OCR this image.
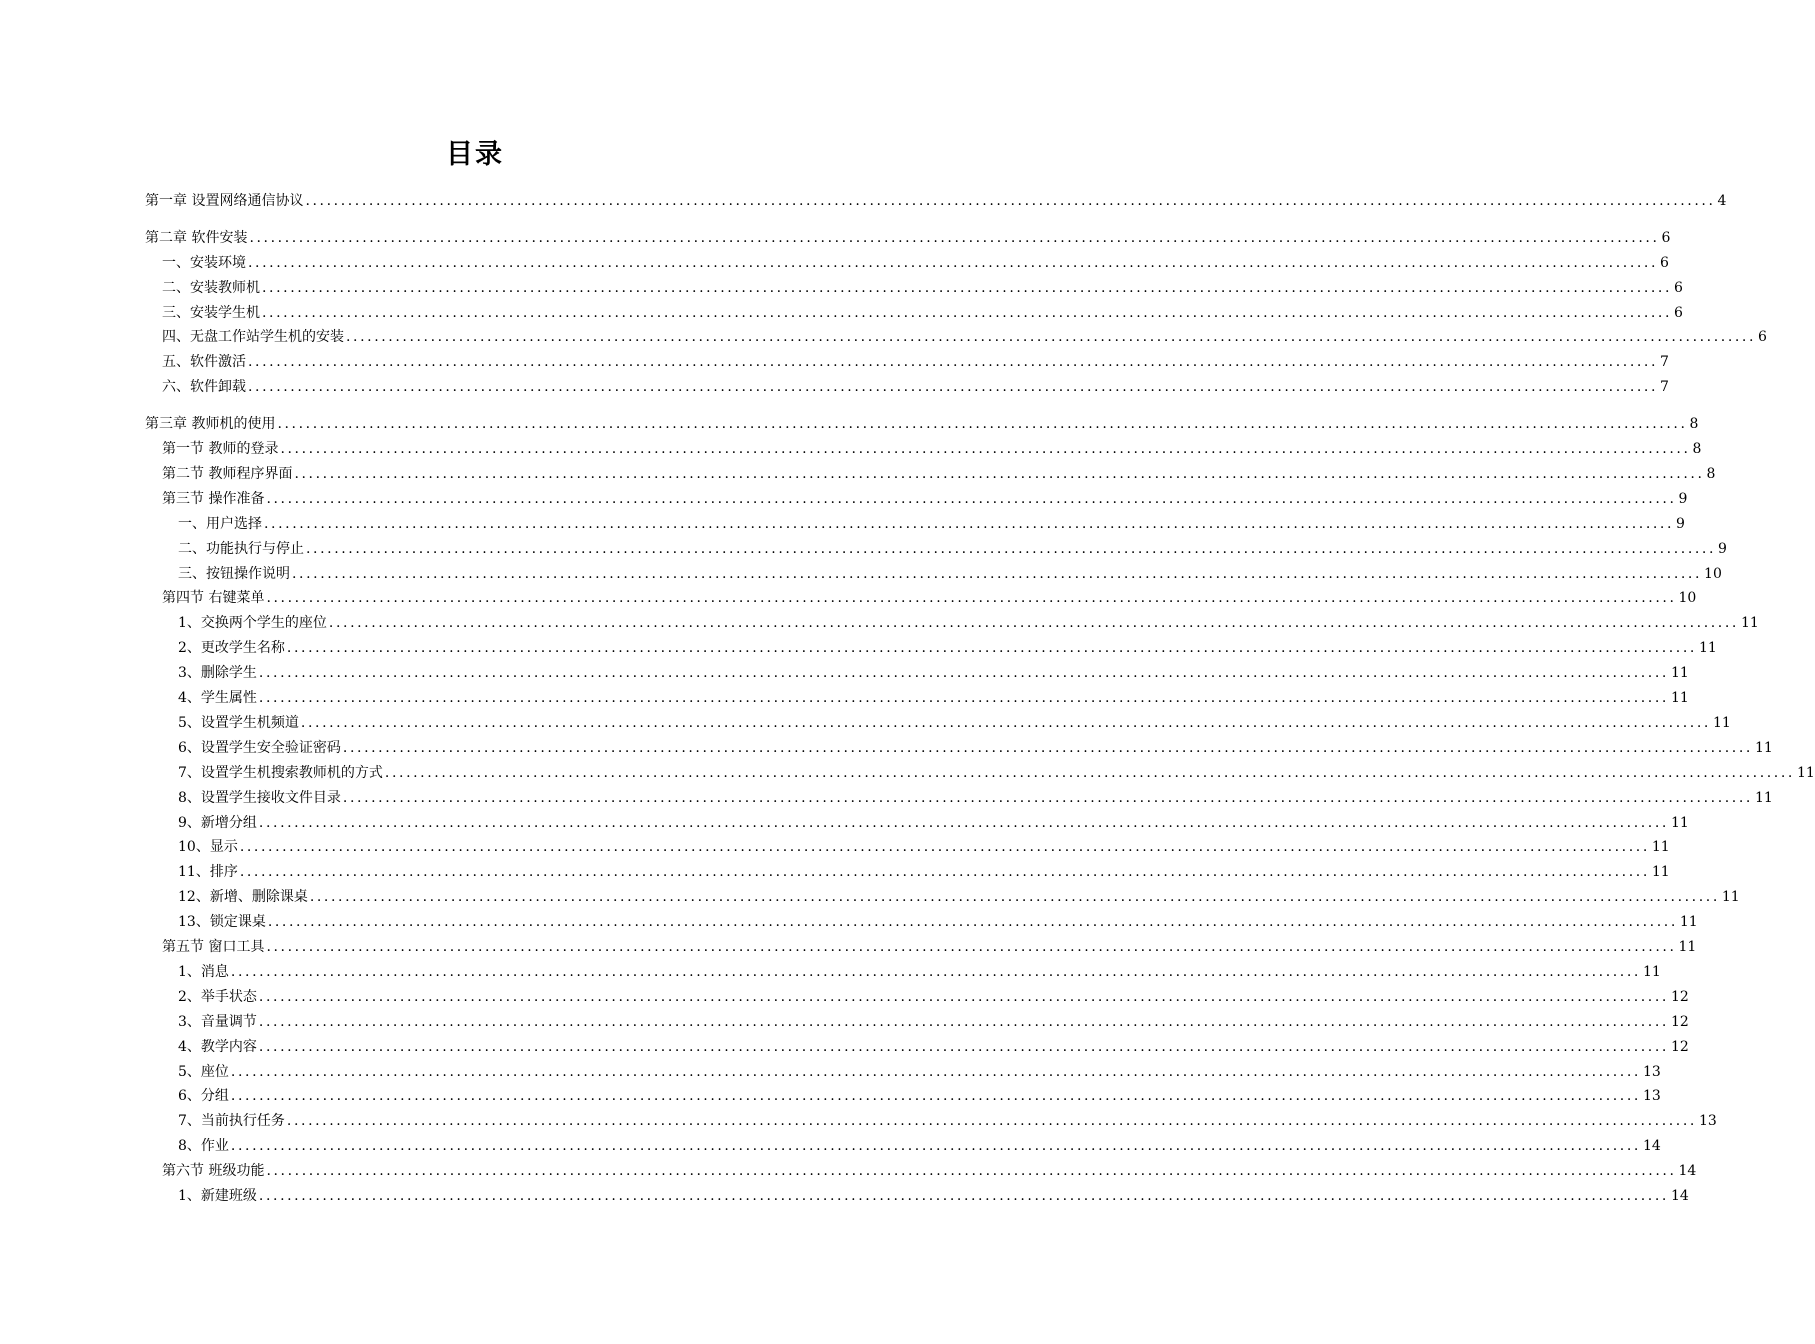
目录
第一章 设置网络通信协议 ........................................................................................................................................................................................................ 4
第二章 软件安装 ........................................................................................................................................................................................................ 6
一、安装环境 ........................................................................................................................................................................................................ 6
二、安装教师机 ........................................................................................................................................................................................................ 6
三、安装学生机 ........................................................................................................................................................................................................ 6
四、无盘工作站学生机的安装 ........................................................................................................................................................................................................ 6
五、软件激活 ........................................................................................................................................................................................................ 7
六、软件卸载 ........................................................................................................................................................................................................ 7
第三章 教师机的使用 ........................................................................................................................................................................................................ 8
第一节 教师的登录 ........................................................................................................................................................................................................ 8
第二节 教师程序界面 ........................................................................................................................................................................................................ 8
第三节 操作准备 ........................................................................................................................................................................................................ 9
一、用户选择 ........................................................................................................................................................................................................ 9
二、功能执行与停止 ........................................................................................................................................................................................................ 9
三、按钮操作说明 ........................................................................................................................................................................................................ 10
第四节 右键菜单 ........................................................................................................................................................................................................ 10
1、交换两个学生的座位 ........................................................................................................................................................................................................ 11
2、更改学生名称 ........................................................................................................................................................................................................ 11
3、删除学生 ........................................................................................................................................................................................................ 11
4、学生属性 ........................................................................................................................................................................................................ 11
5、设置学生机频道 ........................................................................................................................................................................................................ 11
6、设置学生安全验证密码 ........................................................................................................................................................................................................ 11
7、设置学生机搜索教师机的方式 ........................................................................................................................................................................................................ 11
8、设置学生接收文件目录 ........................................................................................................................................................................................................ 11
9、新增分组 ........................................................................................................................................................................................................ 11
10、显示 ........................................................................................................................................................................................................ 11
11、排序 ........................................................................................................................................................................................................ 11
12、新增、删除课桌 ........................................................................................................................................................................................................ 11
13、锁定课桌 ........................................................................................................................................................................................................ 11
第五节 窗口工具 ........................................................................................................................................................................................................ 11
1、消息 ........................................................................................................................................................................................................ 11
2、举手状态 ........................................................................................................................................................................................................ 12
3、音量调节 ........................................................................................................................................................................................................ 12
4、教学内容 ........................................................................................................................................................................................................ 12
5、座位 ........................................................................................................................................................................................................ 13
6、分组 ........................................................................................................................................................................................................ 13
7、当前执行任务 ........................................................................................................................................................................................................ 13
8、作业 ........................................................................................................................................................................................................ 14
第六节 班级功能 ........................................................................................................................................................................................................ 14
1、新建班级 ........................................................................................................................................................................................................ 14
